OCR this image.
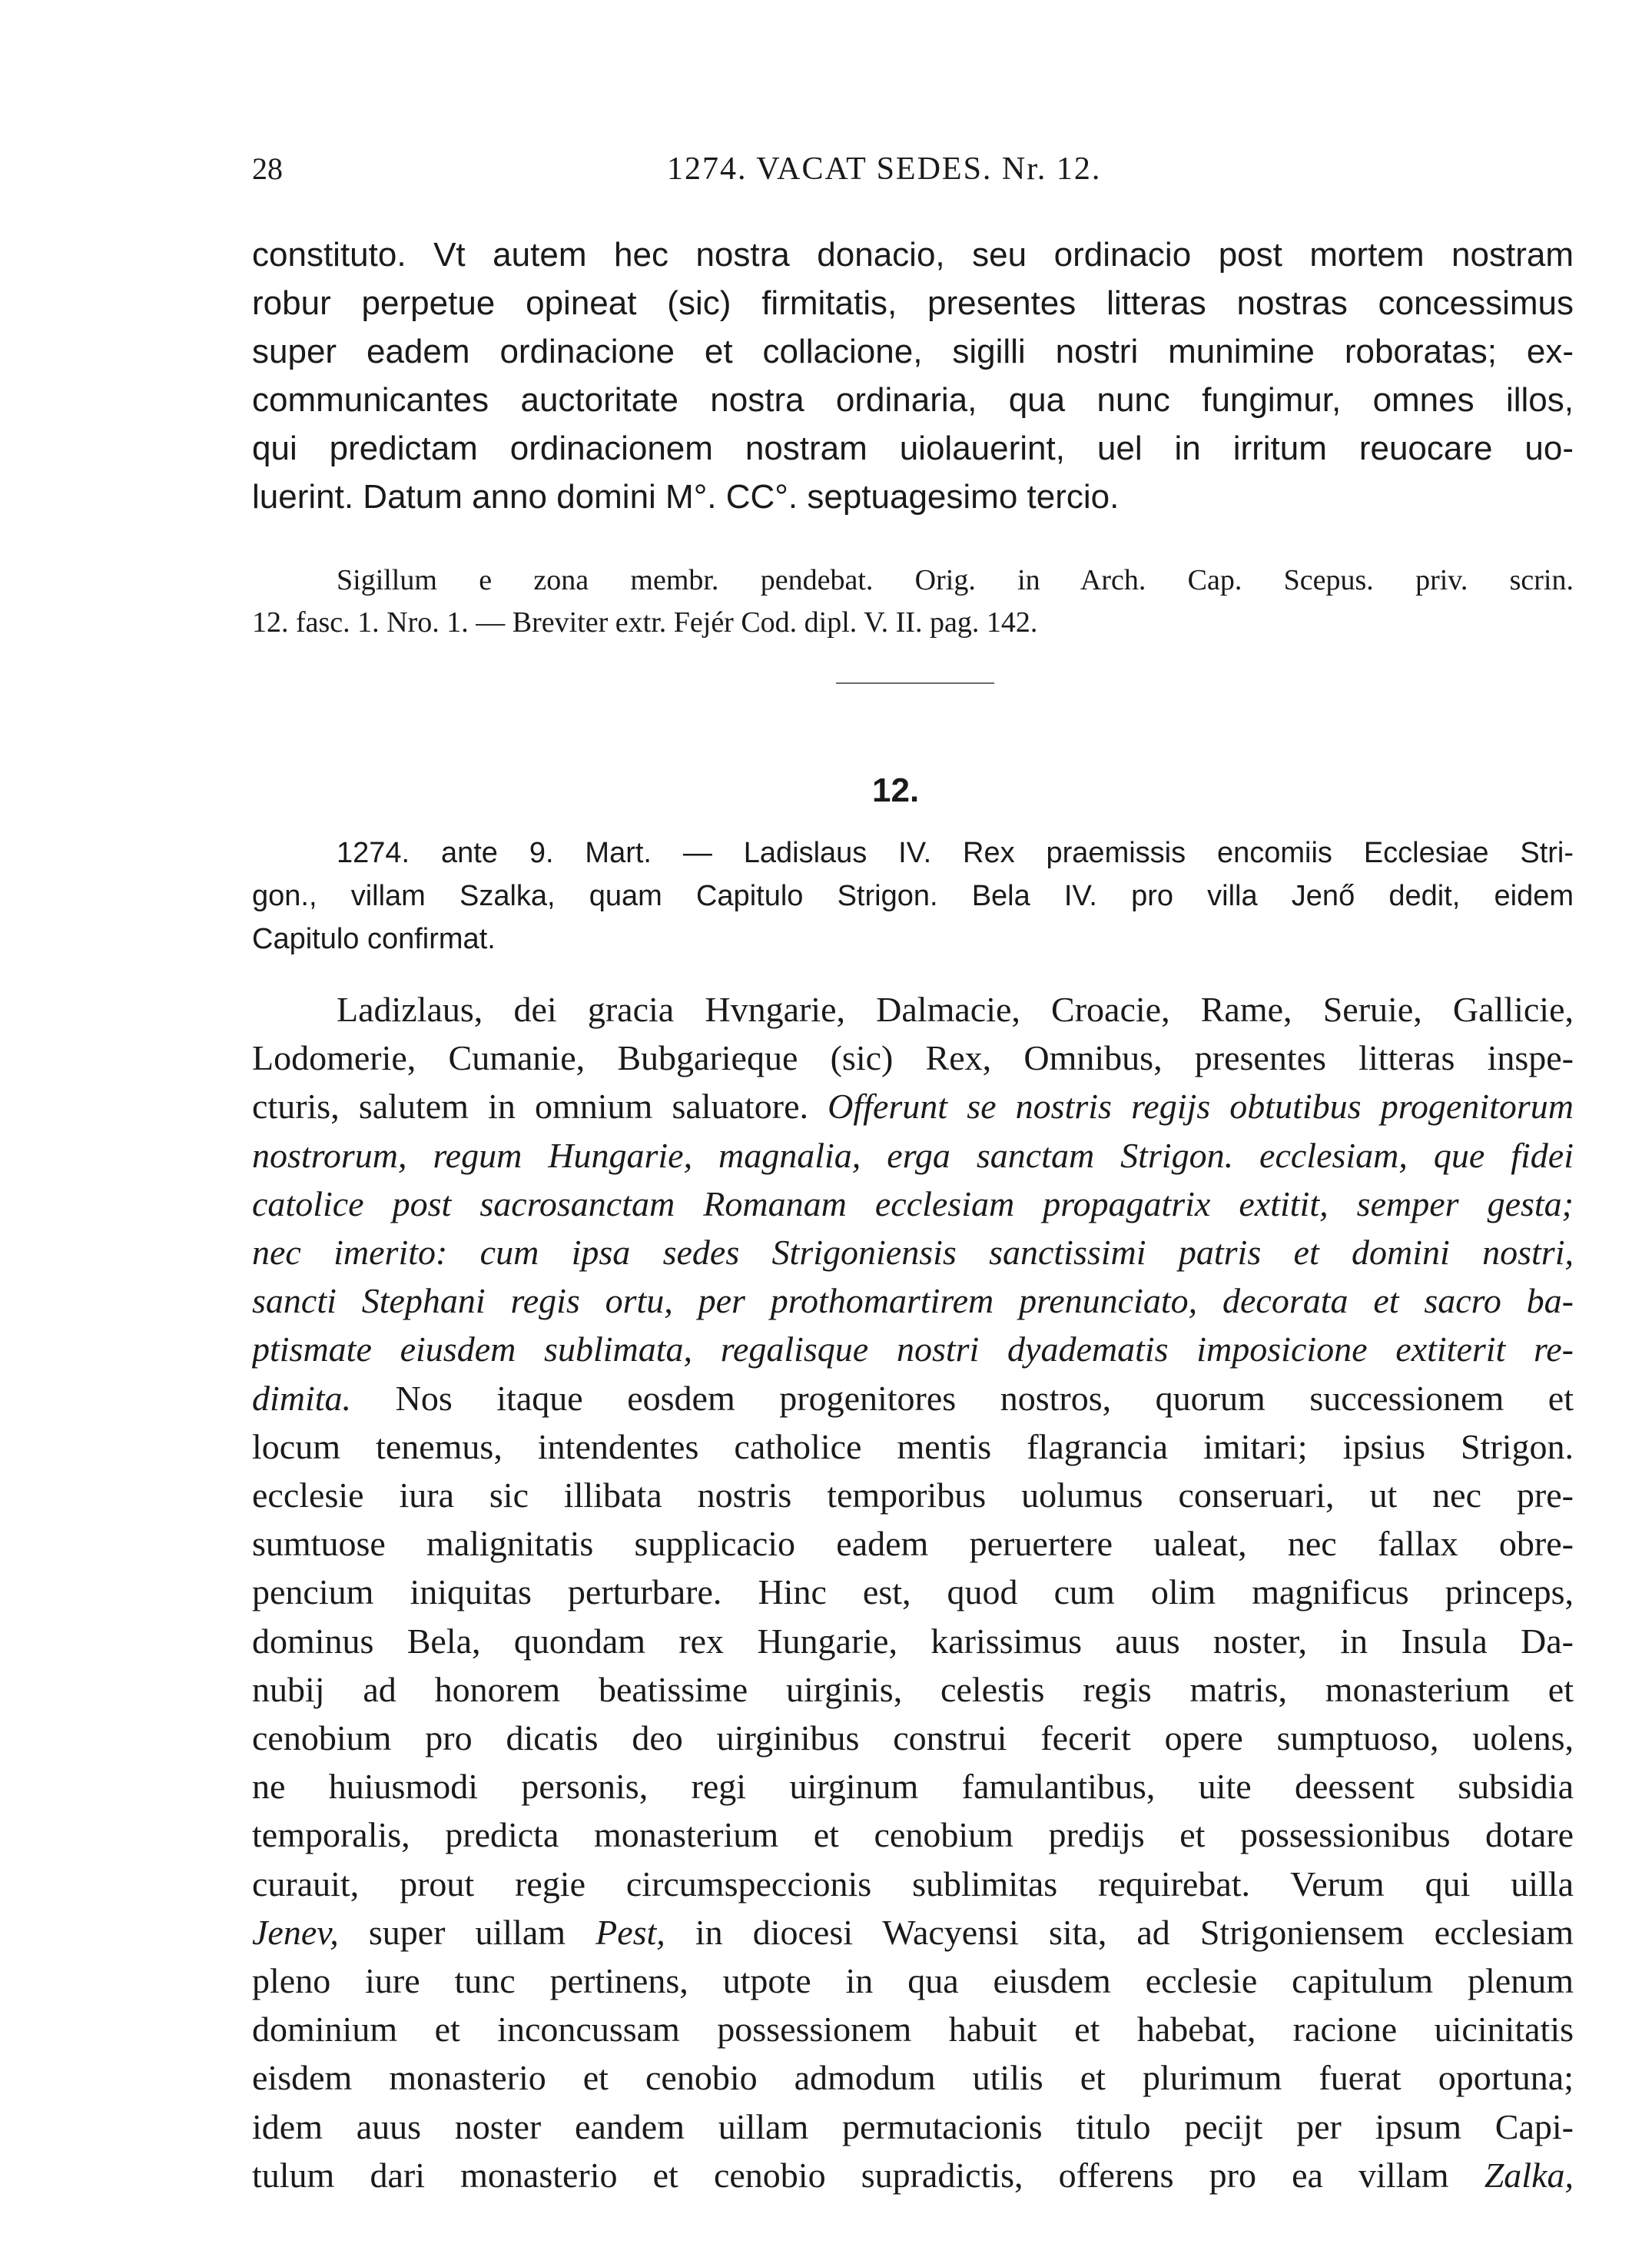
28	1274. VACAT SEDES. Nr. 12.
constituto. Vt autem hec nostra donacio, seu ordinacio post mortem nostram
robur perpetue opineat (sic) firmitatis, presentes litteras nostras concessimus
super eadem ordinacione et collacione, sigilli nostri munimine roboratas; ex-
communicantes auctoritate nostra ordinaria, qua nunc fungimur, omnes illos,
qui predictam ordinacionem nostram uiolauerint, uel in irritum reuocare uo-
luerint. Datum anno domini M°. CC°. septuagesimo tercio.
Sigillum e zona membr. pendebat. Orig. in Arch. Cap. Scepus. priv. scrin.
12. fasc. 1. Nro. 1. — Breviter extr. Fejér Cod. dipl. V. II. pag. 142.
12.
1274. ante 9. Mart. — Ladislaus IV. Rex praemissis encomiis Ecclesiae Stri-
gon., villam Szalka, quam Capitulo Strigon. Bela IV. pro villa Jenő dedit, eidem
Capitulo confirmat.
Ladizlaus, dei gracia Hvngarie, Dalmacie, Croacie, Rame, Seruie, Gallicie,
Lodomerie, Cumanie, Bubgarieque (sic) Rex, Omnibus, presentes litteras inspe-
cturis, salutem in omnium saluatore. Offerunt se nostris regijs obtutibus progenitorum
nostrorum, regum Hungarie, magnalia, erga sanctam Strigon. ecclesiam, que fidei
catolice post sacrosanctam Romanam ecclesiam propagatrix extitit, semper gesta;
nec imerito: cum ipsa sedes Strigoniensis sanctissimi patris et domini nostri,
sancti Stephani regis ortu, per prothomartirem prenunciato, decorata et sacro ba-
ptismate eiusdem sublimata, regalisque nostri dyadematis imposicione extiterit re-
dimita. Nos itaque eosdem progenitores nostros, quorum successionem et
locum tenemus, intendentes catholice mentis flagrancia imitari; ipsius Strigon.
ecclesie iura sic illibata nostris temporibus uolumus conseruari, ut nec pre-
sumtuose malignitatis supplicacio eadem peruertere ualeat, nec fallax obre-
pencium iniquitas perturbare. Hinc est, quod cum olim magnificus princeps,
dominus Bela, quondam rex Hungarie, karissimus auus noster, in Insula Da-
nubij ad honorem beatissime uirginis, celestis regis matris, monasterium et
cenobium pro dicatis deo uirginibus construi fecerit opere sumptuoso, uolens,
ne huiusmodi personis, regi uirginum famulantibus, uite deessent subsidia
temporalis, predicta monasterium et cenobium predijs et possessionibus dotare
curauit, prout regie circumspeccionis sublimitas requirebat. Verum qui uilla
Jenev, super uillam Pest, in diocesi Wacyensi sita, ad Strigoniensem ecclesiam
pleno iure tunc pertinens, utpote in qua eiusdem ecclesie capitulum plenum
dominium et inconcussam possessionem habuit et habebat, racione uicinitatis
eisdem monasterio et cenobio admodum utilis et plurimum fuerat oportuna;
idem auus noster eandem uillam permutacionis titulo pecijt per ipsum Capi-
tulum dari monasterio et cenobio supradictis, offerens pro ea villam Zalka,
